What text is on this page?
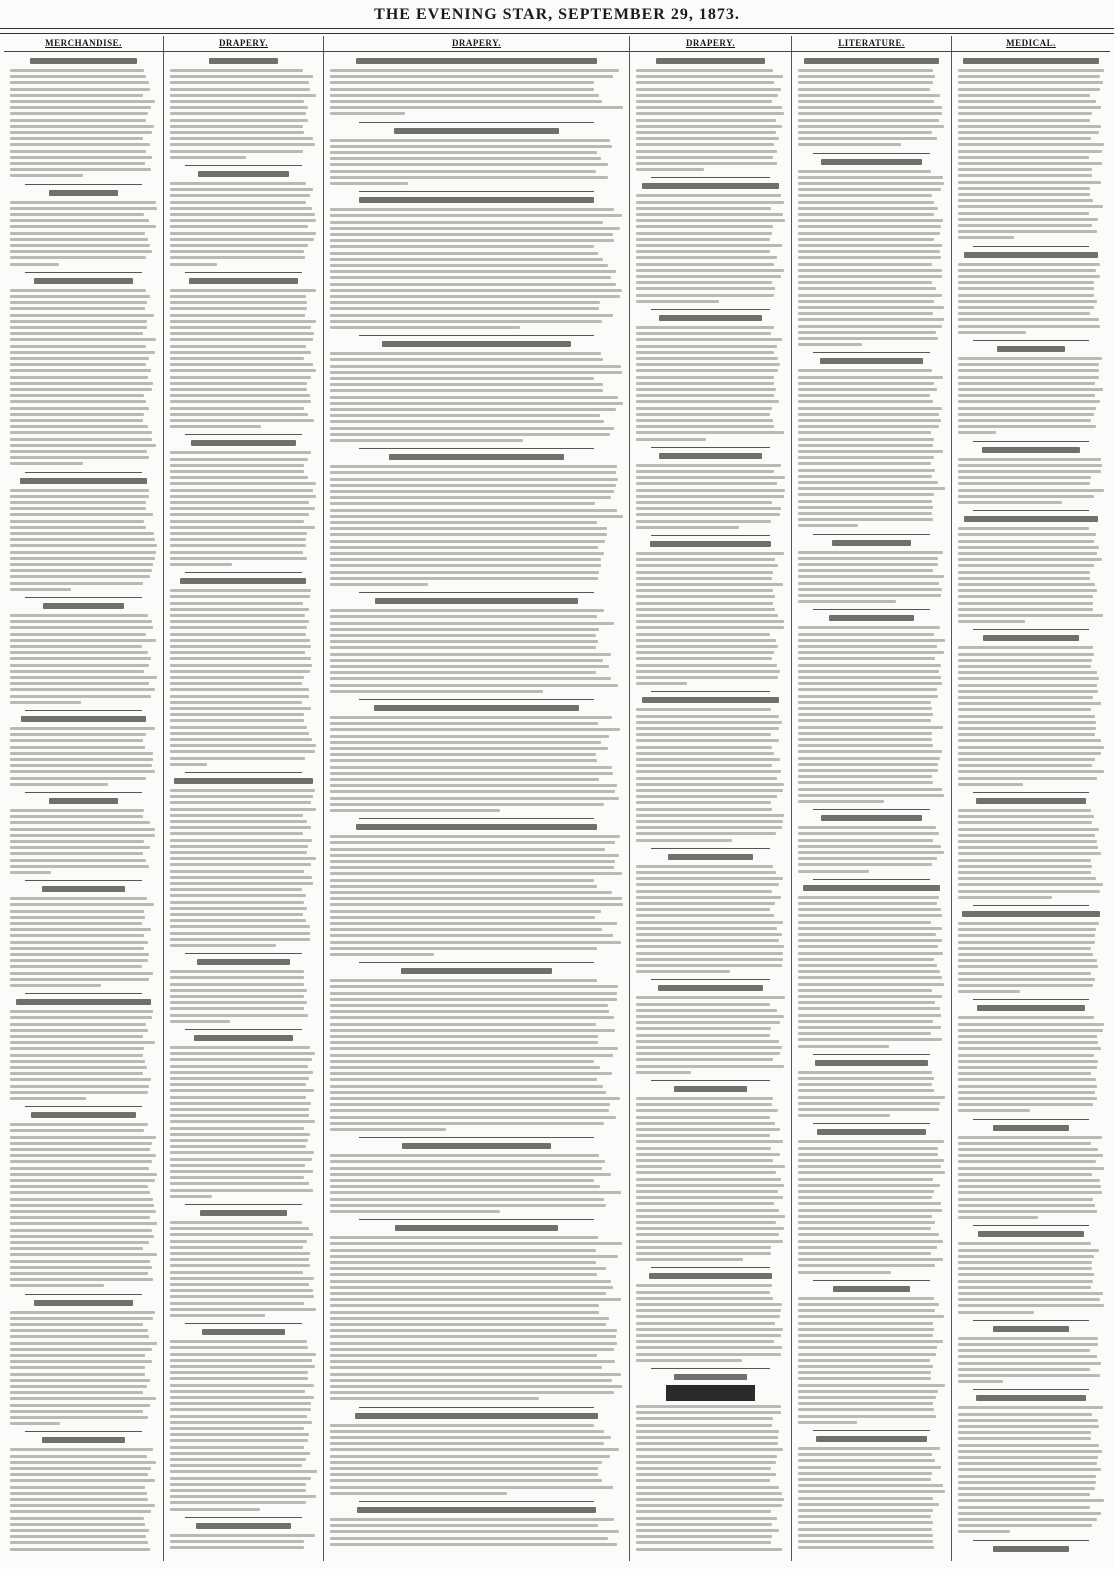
THE EVENING STAR, SEPTEMBER 29, 1873.
MERCHANDISE.	DRAPERY.	DRAPERY.	DRAPERY.	LITERATURE.	MEDICAL.
